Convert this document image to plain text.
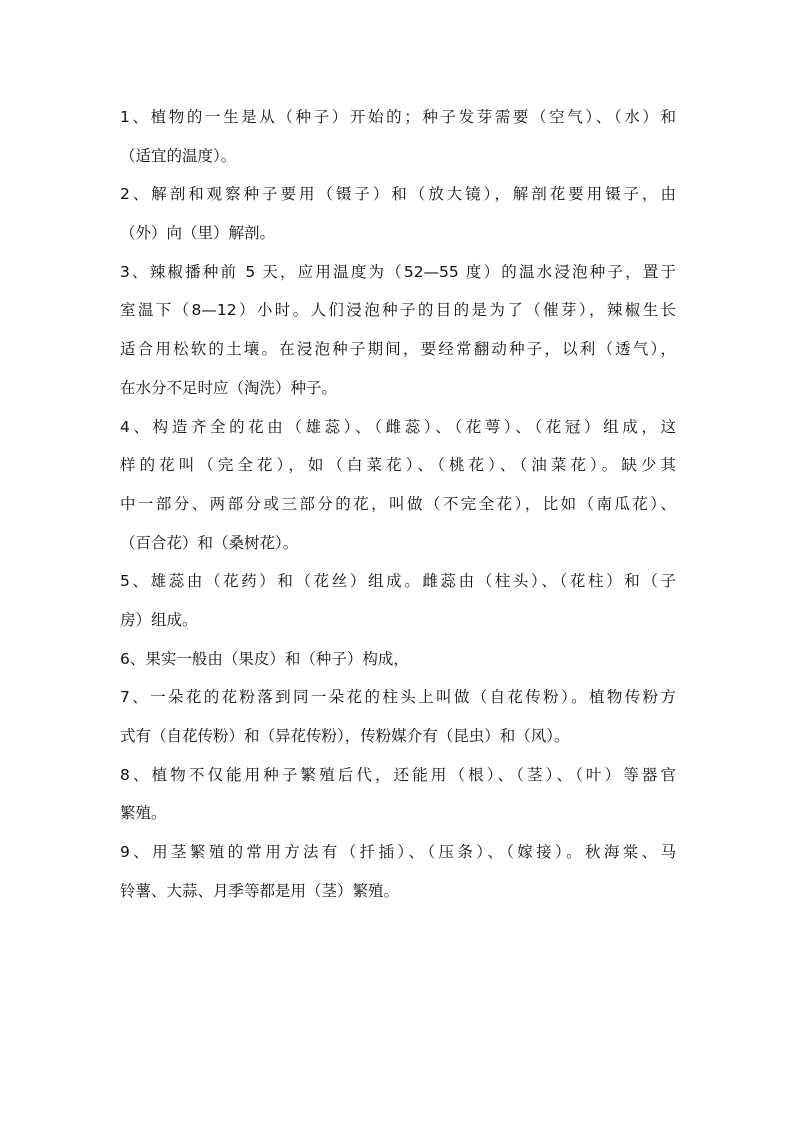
1、植物的一生是从（种子）开始的；种子发芽需要（空气）、（水）和
（适宜的温度）。
2、解剖和观察种子要用（镊子）和（放大镜），解剖花要用镊子，由
（外）向（里）解剖。
3、辣椒播种前 5 天，应用温度为（52—55 度）的温水浸泡种子，置于
室温下（8—12）小时。人们浸泡种子的目的是为了（催芽），辣椒生长
适合用松软的土壤。在浸泡种子期间，要经常翻动种子，以利（透气），
在水分不足时应（淘洗）种子。
4、构造齐全的花由（雄蕊）、（雌蕊）、（花萼）、（花冠）组成，这
样的花叫（完全花），如（白菜花）、（桃花）、（油菜花）。缺少其
中一部分、两部分或三部分的花，叫做（不完全花），比如（南瓜花）、
（百合花）和（桑树花）。
5、雄蕊由（花药）和（花丝）组成。雌蕊由（柱头）、（花柱）和（子
房）组成。
6、果实一般由（果皮）和（种子）构成，
7、一朵花的花粉落到同一朵花的柱头上叫做（自花传粉）。植物传粉方
式有（自花传粉）和（异花传粉），传粉媒介有（昆虫）和（风）。
8、植物不仅能用种子繁殖后代，还能用（根）、（茎）、（叶）等器官
繁殖。
9、用茎繁殖的常用方法有（扦插）、（压条）、（嫁接）。秋海棠、马
铃薯、大蒜、月季等都是用（茎）繁殖。
